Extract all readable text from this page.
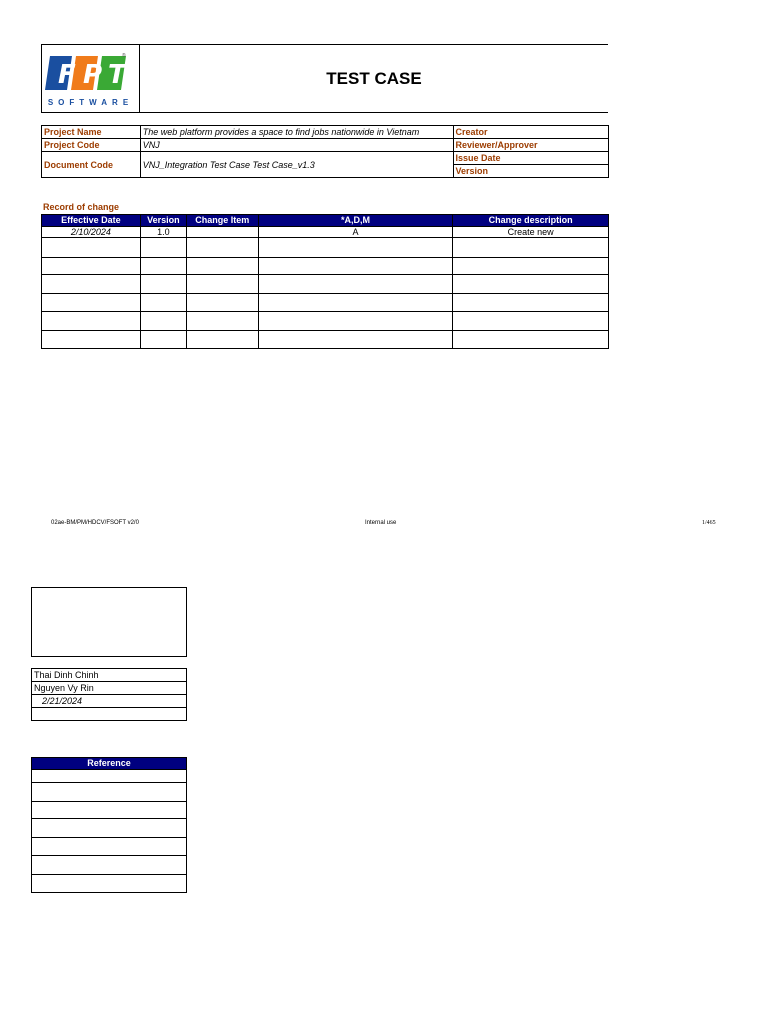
F P T
®
SOFTWARE
TEST CASE
Project Name	The web platform provides a space to find jobs nationwide in Vietnam	Creator
Project Code	VNJ	Reviewer/Approver
Document Code	VNJ_Integration Test Case Test Case_v1.3	Issue Date
		Version
Record of change
Effective Date	Version	Change Item	*A,D,M	Change description
2/10/2024	1.0		A	Create new

02ae-BM/PM/HDCV/FSOFT v2/0	Internal use	1/465
Thai Dinh Chinh
Nguyen Vy Rin
2/21/2024

Reference
